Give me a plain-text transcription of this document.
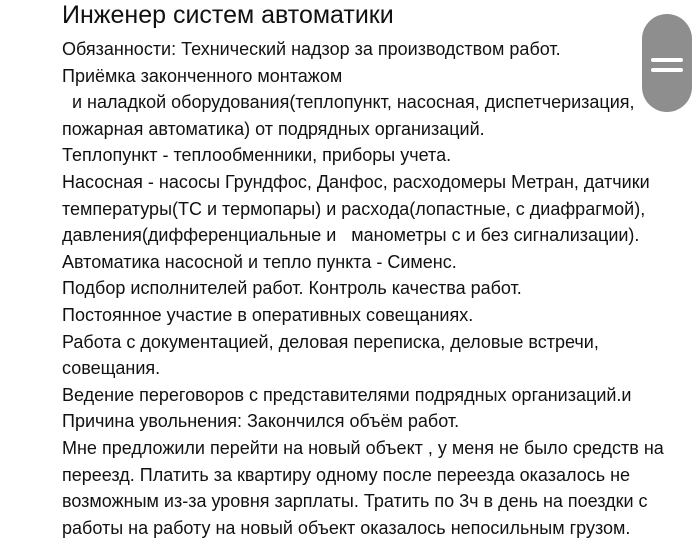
Инженер систем автоматики
Обязанности: Технический надзор за производством работ.
Приёмка законченного монтажом
и наладкой оборудования(теплопункт, насосная, диспетчеризация,
пожарная автоматика) от подрядных организаций.
Теплопункт - теплообменники, приборы учета.
Насосная - насосы Грундфос, Данфос, расходомеры Метран, датчики
температуры(ТС и термопары) и расхода(лопастные, с диафрагмой),
давления(дифференциальные и   манометры с и без сигнализации).
Автоматика насосной и тепло пункта - Сименс.
Подбор исполнителей работ. Контроль качества работ.
Постоянное участие в оперативных совещаниях.
Работа с документацией, деловая переписка, деловые встречи,
совещания.
Ведение переговоров с представителями подрядных организаций.и
Причина увольнения: Закончился объём работ.
Мне предложили перейти на новый объект , у меня не было средств на
переезд. Платить за квартиру одному после переезда оказалось не
возможным из-за уровня зарплаты. Тратить по 3ч в день на поездки с
работы на работу на новый объект оказалось непосильным грузом.
